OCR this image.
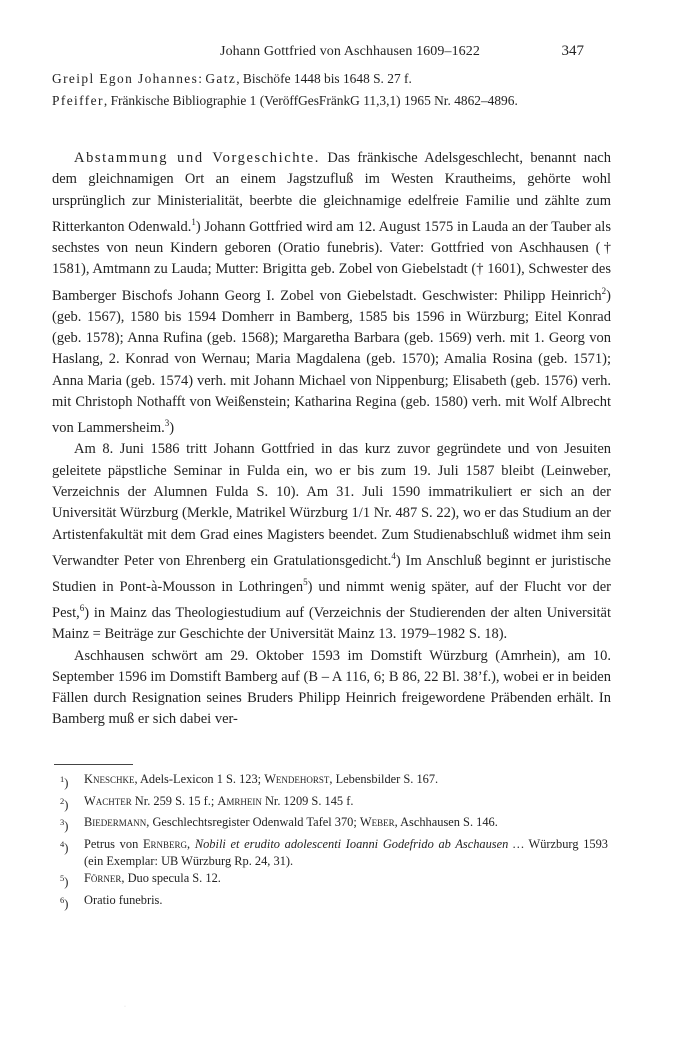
Johann Gottfried von Aschhausen 1609–1622	347
Greipl Egon Johannes: Gatz, Bischöfe 1448 bis 1648 S. 27 f.
Pfeiffer, Fränkische Bibliographie 1 (VeröffGesFränkG 11,3,1) 1965 Nr. 4862–4896.

Abstammung und Vorgeschichte. Das fränkische Adelsgeschlecht, benannt nach dem gleichnamigen Ort an einem Jagstzufluß im Westen Krautheims, gehörte wohl ursprünglich zur Ministerialität, beerbte die gleichnamige edelfreie Familie und zählte zum Ritterkanton Odenwald.$^1$) Johann Gottfried wird am 12. August 1575 in Lauda an der Tauber als sechstes von neun Kindern geboren (Oratio funebris). Vater: Gottfried von Aschhausen († 1581), Amtmann zu Lauda; Mutter: Brigitta geb. Zobel von Giebelstadt († 1601), Schwester des Bamberger Bischofs Johann Georg I. Zobel von Giebelstadt. Geschwister: Philipp Heinrich$^2$) (geb. 1567), 1580 bis 1594 Domherr in Bamberg, 1585 bis 1596 in Würzburg; Eitel Konrad (geb. 1578); Anna Rufina (geb. 1568); Margaretha Barbara (geb. 1569) verh. mit 1. Georg von Haslang, 2. Konrad von Wernau; Maria Magdalena (geb. 1570); Amalia Rosina (geb. 1571); Anna Maria (geb. 1574) verh. mit Johann Michael von Nippenburg; Elisabeth (geb. 1576) verh. mit Christoph Nothafft von Weißenstein; Katharina Regina (geb. 1580) verh. mit Wolf Albrecht von Lammersheim.$^3$)

Am 8. Juni 1586 tritt Johann Gottfried in das kurz zuvor gegründete und von Jesuiten geleitete päpstliche Seminar in Fulda ein, wo er bis zum 19. Juli 1587 bleibt (Leinweber, Verzeichnis der Alumnen Fulda S. 10). Am 31. Juli 1590 immatrikuliert er sich an der Universität Würzburg (Merkle, Matrikel Würzburg 1/1 Nr. 487 S. 22), wo er das Studium an der Artistenfakultät mit dem Grad eines Magisters beendet. Zum Studienabschluß widmet ihm sein Verwandter Peter von Ehrenberg ein Gratulationsgedicht.$^4$) Im Anschluß beginnt er juristische Studien in Pont-à-Mousson in Lothringen$^5$) und nimmt wenig später, auf der Flucht vor der Pest,$^6$) in Mainz das Theologiestudium auf (Verzeichnis der Studierenden der alten Universität Mainz = Beiträge zur Geschichte der Universität Mainz 13. 1979–1982 S. 18).

Aschhausen schwört am 29. Oktober 1593 im Domstift Würzburg (Amrhein), am 10. September 1596 im Domstift Bamberg auf (B – A 116, 6; B 86, 22 Bl. 38’f.), wobei er in beiden Fällen durch Resignation seines Bruders Philipp Heinrich freigewordene Präbenden erhält. In Bamberg muß er sich dabei ver-

$^1$)	Kneschke, Adels-Lexicon 1 S. 123; Wendehorst, Lebensbilder S. 167.
$^2$)	Wachter Nr. 259 S. 15 f.; Amrhein Nr. 1209 S. 145 f.
$^3$)	Biedermann, Geschlechtsregister Odenwald Tafel 370; Weber, Aschhausen S. 146.
$^4$)	Petrus von Ernberg, Nobili et erudito adolescenti Ioanni Godefrido ab Aschausen … Würzburg 1593 (ein Exemplar: UB Würzburg Rp. 24, 31).
$^5$)	Förner, Duo specula S. 12.
$^6$)	Oratio funebris.
·
